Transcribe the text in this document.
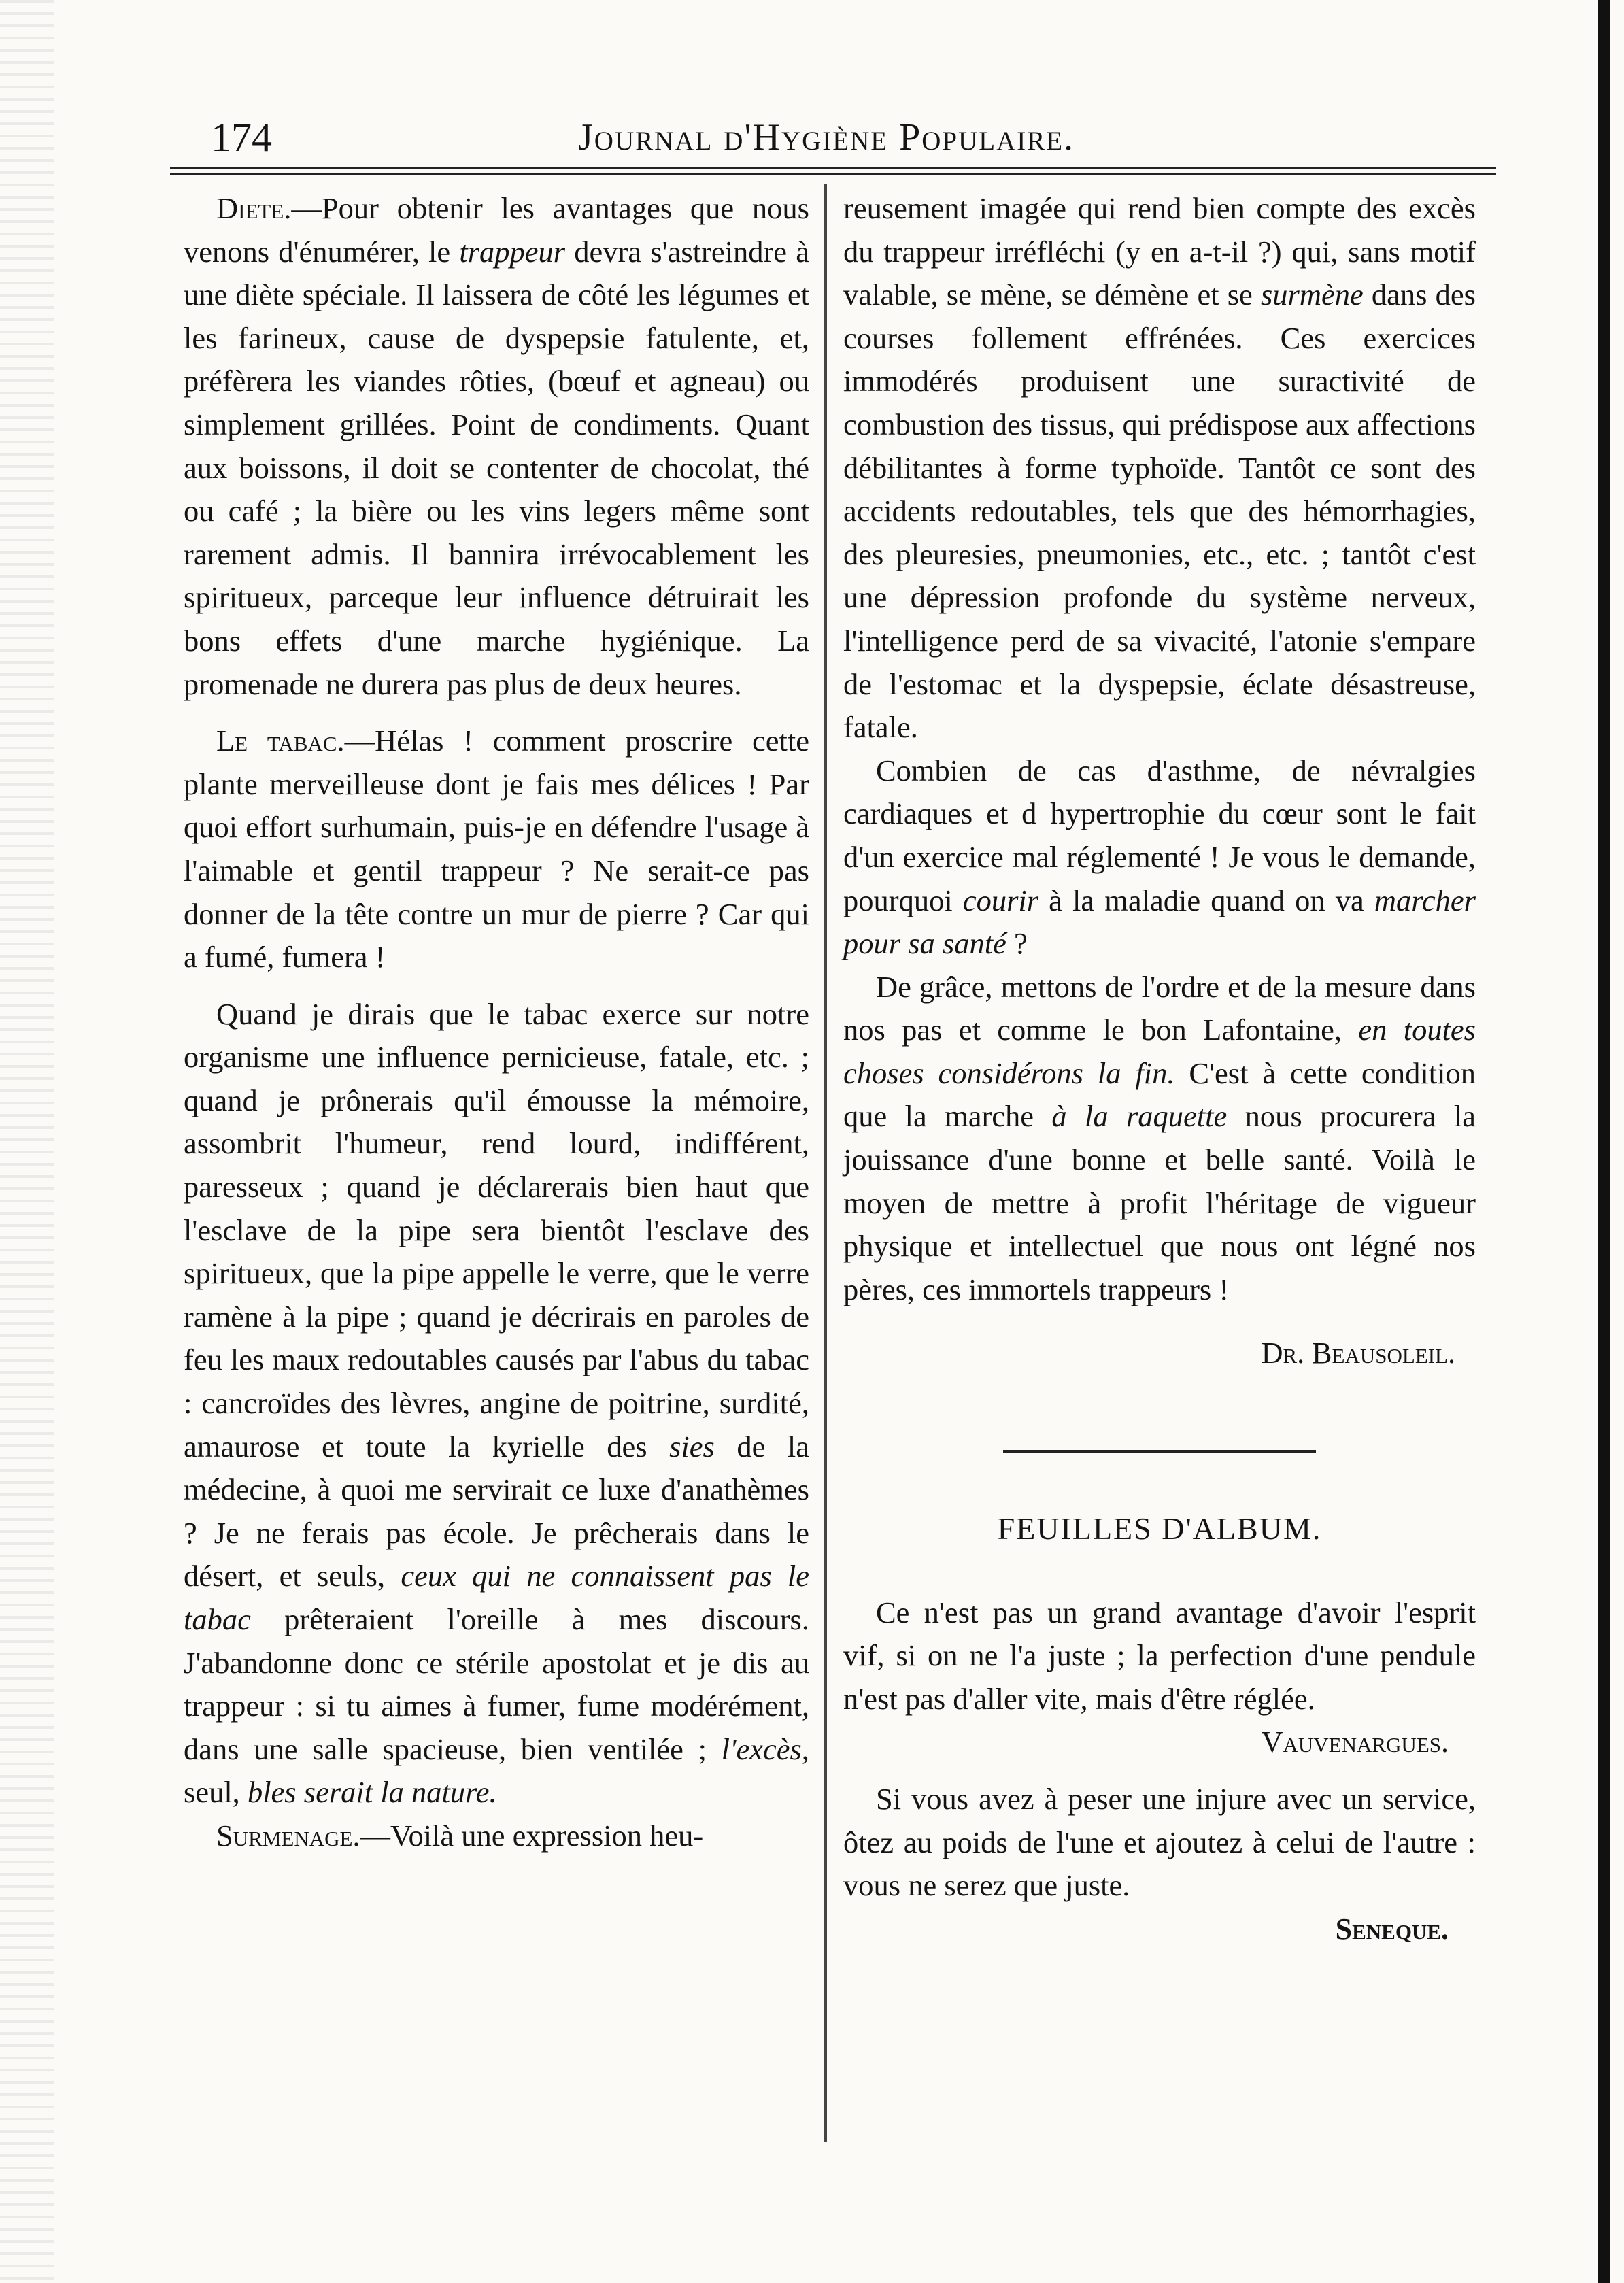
174	Journal d'Hygiène Populaire.

Diete.—Pour obtenir les avantages que nous venons d'énumérer, le trappeur devra s'astreindre à une diète spéciale. Il laissera de côté les légumes et les farineux, cause de dyspepsie fatulente, et, préfèrera les viandes rôties, (bœuf et agneau) ou simplement grillées. Point de condiments. Quant aux boissons, il doit se contenter de chocolat, thé ou café ; la bière ou les vins legers même sont rarement admis. Il bannira irrévocablement les spiritueux, parceque leur influence détruirait les bons effets d'une marche hygiénique. La promenade ne durera pas plus de deux heures.

Le tabac.—Hélas ! comment proscrire cette plante merveilleuse dont je fais mes délices ! Par quoi effort surhumain, puis-je en défendre l'usage à l'aimable et gentil trappeur ? Ne serait-ce pas donner de la tête contre un mur de pierre ? Car qui a fumé, fumera !

Quand je dirais que le tabac exerce sur notre organisme une influence pernicieuse, fatale, etc. ; quand je prônerais qu'il émousse la mémoire, assombrit l'humeur, rend lourd, indifférent, paresseux ; quand je déclarerais bien haut que l'esclave de la pipe sera bientôt l'esclave des spiritueux, que la pipe appelle le verre, que le verre ramène à la pipe ; quand je décrirais en paroles de feu les maux redoutables causés par l'abus du tabac : cancroïdes des lèvres, angine de poitrine, surdité, amaurose et toute la kyrielle des sies de la médecine, à quoi me servirait ce luxe d'anathèmes ? Je ne ferais pas école. Je prêcherais dans le désert, et seuls, ceux qui ne connaissent pas le tabac prêteraient l'oreille à mes discours. J'abandonne donc ce stérile apostolat et je dis au trappeur : si tu aimes à fumer, fume modérément, dans une salle spacieuse, bien ventilée ; l'excès, seul, bles serait la nature.

Surmenage.—Voilà une expression heu-

reusement imagée qui rend bien compte des excès du trappeur irréfléchi (y en a-t-il ?) qui, sans motif valable, se mène, se démène et se surmène dans des courses follement effrénées. Ces exercices immodérés produisent une suractivité de combustion des tissus, qui prédispose aux affections débilitantes à forme typhoïde. Tantôt ce sont des accidents redoutables, tels que des hémorrhagies, des pleuresies, pneumonies, etc., etc. ; tantôt c'est une dépression profonde du système nerveux, l'intelligence perd de sa vivacité, l'atonie s'empare de l'estomac et la dyspepsie, éclate désastreuse, fatale.

Combien de cas d'asthme, de névralgies cardiaques et d hypertrophie du cœur sont le fait d'un exercice mal réglementé ! Je vous le demande, pourquoi courir à la maladie quand on va marcher pour sa santé ?

De grâce, mettons de l'ordre et de la mesure dans nos pas et comme le bon Lafontaine, en toutes choses considérons la fin. C'est à cette condition que la marche à la raquette nous procurera la jouissance d'une bonne et belle santé. Voilà le moyen de mettre à profit l'héritage de vigueur physique et intellectuel que nous ont légné nos pères, ces immortels trappeurs !

Dr. Beausoleil.
FEUILLES D'ALBUM.

Ce n'est pas un grand avantage d'avoir l'esprit vif, si on ne l'a juste ; la perfection d'une pendule n'est pas d'aller vite, mais d'être réglée.

Vauvenargues.

Si vous avez à peser une injure avec un service, ôtez au poids de l'une et ajoutez à celui de l'autre : vous ne serez que juste.

Seneque.
